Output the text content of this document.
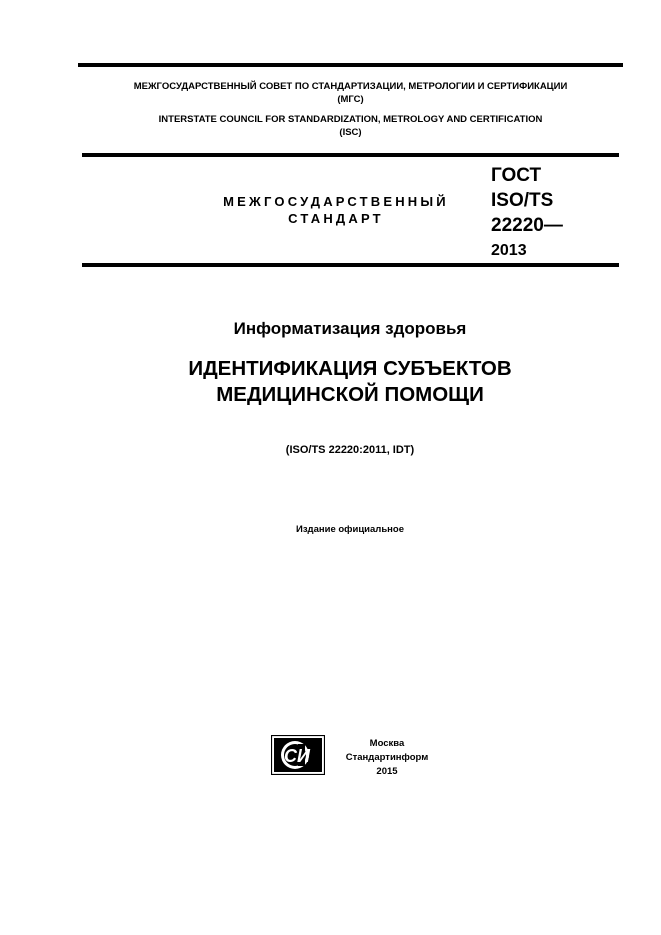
МЕЖГОСУДАРСТВЕННЫЙ СОВЕТ ПО СТАНДАРТИЗАЦИИ, МЕТРОЛОГИИ И СЕРТИФИКАЦИИ
(МГС)
INTERSTATE COUNCIL FOR STANDARDIZATION, METROLOGY AND CERTIFICATION
(ISC)
МЕЖГОСУДАРСТВЕННЫЙ
СТАНДАРТ
ГОСТ
ISO/TS
22220—
2013
Информатизация здоровья
ИДЕНТИФИКАЦИЯ СУБЪЕКТОВ
МЕДИЦИНСКОЙ ПОМОЩИ
(ISO/TS 22220:2011, IDT)
Издание официальное
СИ
Москва
Стандартинформ
2015
